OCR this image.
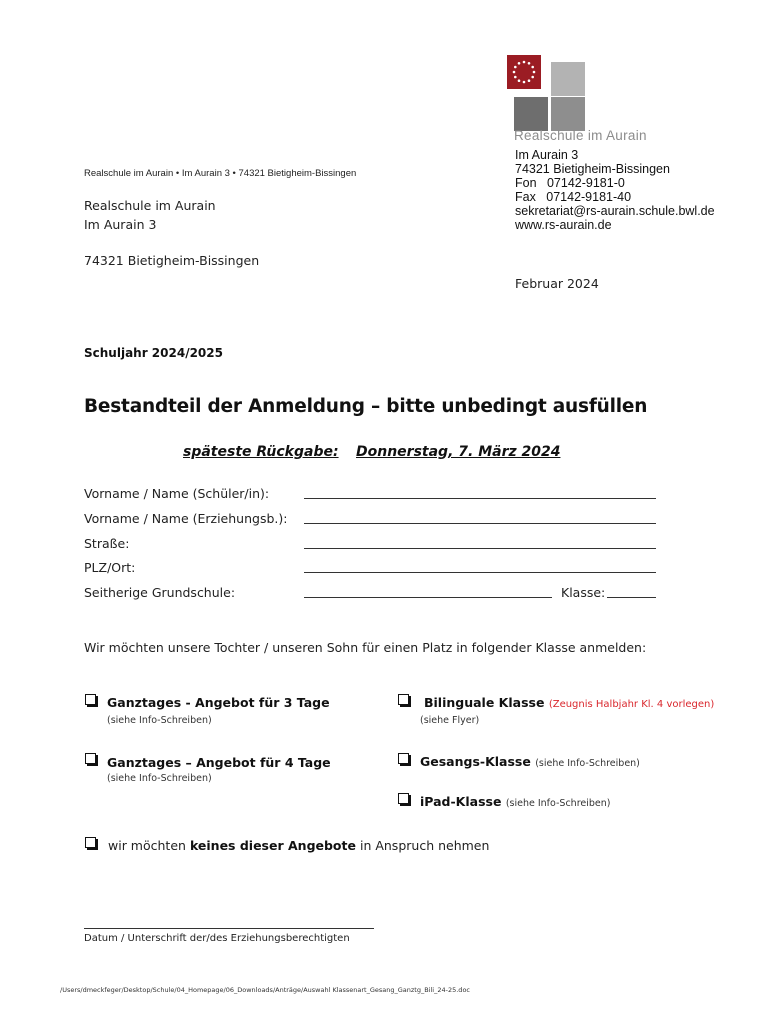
Realschule im Aurain
Im Aurain 3
74321 Bietigheim-Bissingen
Fon   07142-9181-0
Fax   07142-9181-40
sekretariat@rs-aurain.schule.bwl.de
www.rs-aurain.de
Realschule im Aurain • Im Aurain 3 • 74321 Bietigheim-Bissingen
Realschule im Aurain
Im Aurain 3
74321 Bietigheim-Bissingen
Februar 2024
Schuljahr 2024/2025
Bestandteil der Anmeldung – bitte unbedingt ausfüllen
späteste Rückgabe: Donnerstag, 7. März 2024
Vorname / Name (Schüler/in):
Vorname / Name (Erziehungsb.):
Straße:
PLZ/Ort:
Seitherige Grundschule:	Klasse:
Wir möchten unsere Tochter / unseren Sohn für einen Platz in folgender Klasse anmelden:
Ganztages - Angebot für 3 Tage
(siehe Info-Schreiben)
Ganztages – Angebot für 4 Tage
(siehe Info-Schreiben)
Bilinguale Klasse (Zeugnis Halbjahr Kl. 4 vorlegen)
(siehe Flyer)
Gesangs-Klasse (siehe Info-Schreiben)
iPad-Klasse (siehe Info-Schreiben)
wir möchten keines dieser Angebote in Anspruch nehmen
Datum / Unterschrift der/des Erziehungsberechtigten
/Users/dmeckfeger/Desktop/Schule/04_Homepage/06_Downloads/Anträge/Auswahl Klassenart_Gesang_Ganztg_Bili_24-25.doc
